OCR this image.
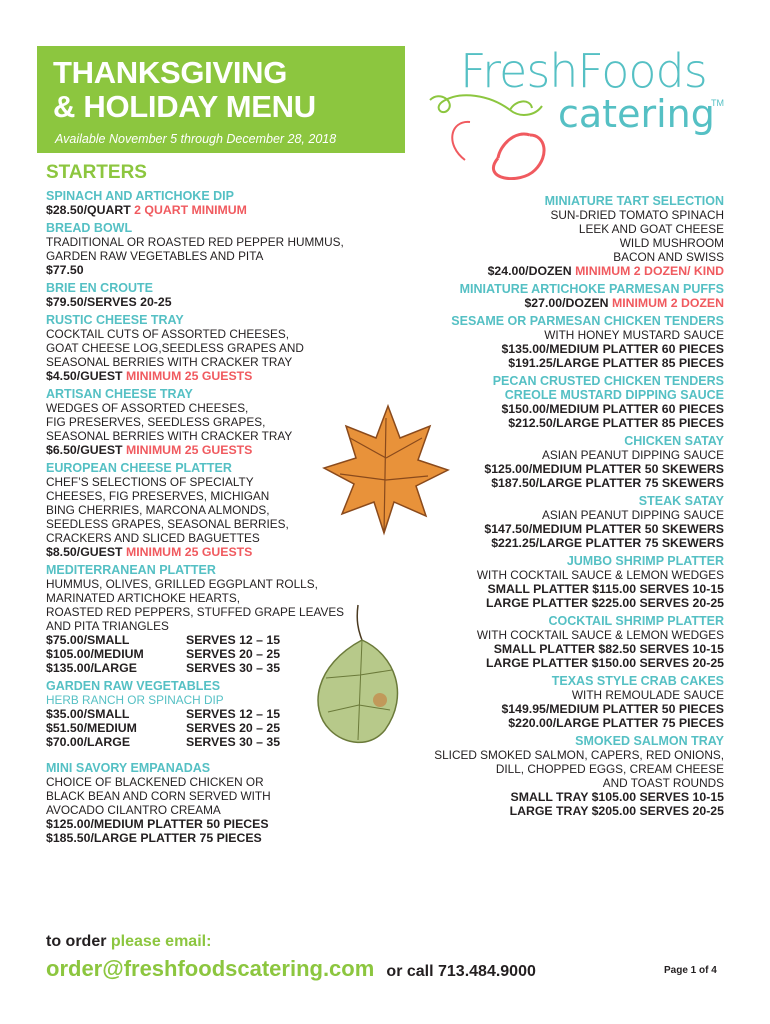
THANKSGIVING
& HOLIDAY MENU
Available November 5 through December 28, 2018
FreshFoods
catering
TM
STARTERS
SPINACH AND ARTICHOKE DIP
$28.50/QUART 2 QUART MINIMUM
BREAD BOWL
TRADITIONAL OR ROASTED RED PEPPER HUMMUS,
GARDEN RAW VEGETABLES AND PITA
$77.50
BRIE EN CROUTE
$79.50/SERVES 20-25
RUSTIC CHEESE TRAY
COCKTAIL CUTS OF ASSORTED CHEESES,
GOAT CHEESE LOG,SEEDLESS GRAPES AND
SEASONAL BERRIES WITH CRACKER TRAY
$4.50/GUEST MINIMUM 25 GUESTS
ARTISAN CHEESE TRAY
WEDGES OF ASSORTED CHEESES,
FIG PRESERVES, SEEDLESS GRAPES,
SEASONAL BERRIES WITH CRACKER TRAY
$6.50/GUEST MINIMUM 25 GUESTS
EUROPEAN CHEESE PLATTER
CHEF’S SELECTIONS OF SPECIALTY
CHEESES, FIG PRESERVES, MICHIGAN
BING CHERRIES, MARCONA ALMONDS,
SEEDLESS GRAPES, SEASONAL BERRIES,
CRACKERS AND SLICED BAGUETTES
$8.50/GUEST MINIMUM 25 GUESTS
MEDITERRANEAN PLATTER
HUMMUS, OLIVES, GRILLED EGGPLANT ROLLS,
MARINATED ARTICHOKE HEARTS,
ROASTED RED PEPPERS, STUFFED GRAPE LEAVES
AND PITA TRIANGLES
$75.00/SMALL	SERVES 12 – 15
$105.00/MEDIUM	SERVES 20 – 25
$135.00/LARGE	SERVES 30 – 35
GARDEN RAW VEGETABLES
HERB RANCH OR SPINACH DIP
$35.00/SMALL	SERVES 12 – 15
$51.50/MEDIUM	SERVES 20 – 25
$70.00/LARGE	SERVES 30 – 35
MINI SAVORY EMPANADAS
CHOICE OF BLACKENED CHICKEN OR
BLACK BEAN AND CORN SERVED WITH
AVOCADO CILANTRO CREAMA
$125.00/MEDIUM PLATTER 50 PIECES
$185.50/LARGE PLATTER 75 PIECES
MINIATURE TART SELECTION
SUN-DRIED TOMATO SPINACH
LEEK AND GOAT CHEESE
WILD MUSHROOM
BACON AND SWISS
$24.00/DOZEN MINIMUM 2 DOZEN/ KIND
MINIATURE ARTICHOKE PARMESAN PUFFS
$27.00/DOZEN MINIMUM 2 DOZEN
SESAME OR PARMESAN CHICKEN TENDERS
WITH HONEY MUSTARD SAUCE
$135.00/MEDIUM PLATTER 60 PIECES
$191.25/LARGE PLATTER 85 PIECES
PECAN CRUSTED CHICKEN TENDERS
CREOLE MUSTARD DIPPING SAUCE
$150.00/MEDIUM PLATTER 60 PIECES
$212.50/LARGE PLATTER 85 PIECES
CHICKEN SATAY
ASIAN PEANUT DIPPING SAUCE
$125.00/MEDIUM PLATTER 50 SKEWERS
$187.50/LARGE PLATTER 75 SKEWERS
STEAK SATAY
ASIAN PEANUT DIPPING SAUCE
$147.50/MEDIUM PLATTER 50 SKEWERS
$221.25/LARGE PLATTER 75 SKEWERS
JUMBO SHRIMP PLATTER
WITH COCKTAIL SAUCE & LEMON WEDGES
SMALL PLATTER $115.00 SERVES 10-15
LARGE PLATTER $225.00 SERVES 20-25
COCKTAIL SHRIMP PLATTER
WITH COCKTAIL SAUCE & LEMON WEDGES
SMALL PLATTER $82.50 SERVES 10-15
LARGE PLATTER $150.00 SERVES 20-25
TEXAS STYLE CRAB CAKES
WITH REMOULADE SAUCE
$149.95/MEDIUM PLATTER 50 PIECES
$220.00/LARGE PLATTER 75 PIECES
SMOKED SALMON TRAY
SLICED SMOKED SALMON, CAPERS, RED ONIONS,
DILL, CHOPPED EGGS, CREAM CHEESE
AND TOAST ROUNDS
SMALL TRAY $105.00 SERVES 10-15
LARGE TRAY $205.00 SERVES 20-25
to order please email:
order@freshfoodscatering.com or call 713.484.9000	Page 1 of 4
